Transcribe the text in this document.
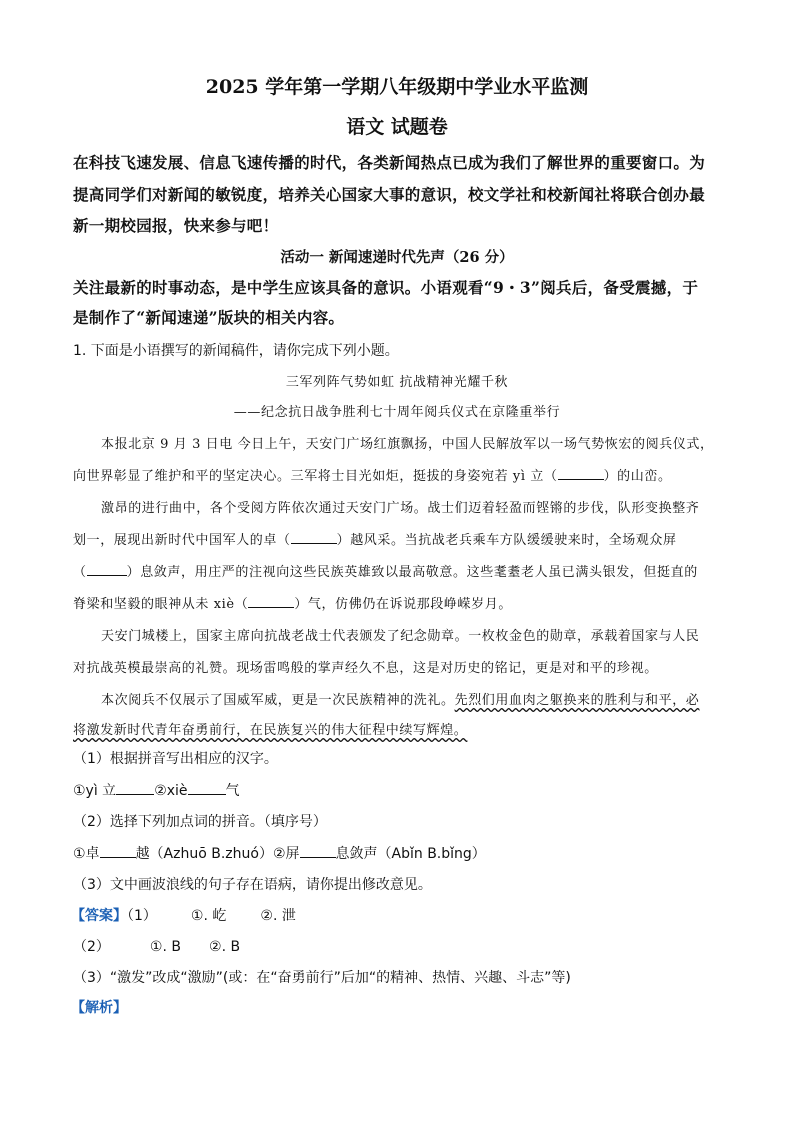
2025 学年第一学期八年级期中学业水平监测
语文 试题卷
在科技飞速发展、信息飞速传播的时代，各类新闻热点已成为我们了解世界的重要窗口。为
提高同学们对新闻的敏锐度，培养关心国家大事的意识，校文学社和校新闻社将联合创办最
新一期校园报，快来参与吧！
活动一 新闻速递时代先声（26 分）
关注最新的时事动态，是中学生应该具备的意识。小语观看“9・3”阅兵后，备受震撼，于
是制作了“新闻速递”版块的相关内容。
1. 下面是小语撰写的新闻稿件，请你完成下列小题。
三军列阵气势如虹 抗战精神光耀千秋
——纪念抗日战争胜利七十周年阅兵仪式在京隆重举行
本报北京 9 月 3 日电 今日上午，天安门广场红旗飘扬，中国人民解放军以一场气势恢宏的阅兵仪式，
向世界彰显了维护和平的坚定决心。三军将士目光如炬，挺拔的身姿宛若 yì 立（	）的山峦。
激昂的进行曲中，各个受阅方阵依次通过天安门广场。战士们迈着轻盈而铿锵的步伐，队形变换整齐
划一，展现出新时代中国军人的卓（	）越风采。当抗战老兵乘车方队缓缓驶来时，全场观众屏
（	）息敛声，用庄严的注视向这些民族英雄致以最高敬意。这些耄耋老人虽已满头银发，但挺直的
脊梁和坚毅的眼神从未 xiè（	）气，仿佛仍在诉说那段峥嵘岁月。
天安门城楼上，国家主席向抗战老战士代表颁发了纪念勋章。一枚枚金色的勋章，承载着国家与人民
对抗战英模最崇高的礼赞。现场雷鸣般的掌声经久不息，这是对历史的铭记，更是对和平的珍视。
本次阅兵不仅展示了国威军威，更是一次民族精神的洗礼。先烈们用血肉之躯换来的胜利与和平，必
将激发新时代青年奋勇前行，在民族复兴的伟大征程中续写辉煌。
（1）根据拼音写出相应的汉字。
①yì 立	②xiè	气
（2）选择下列加点词的拼音。（填序号）
①卓	越（Azhuō B.zhuó）②屏	息敛声（Abǐn B.bǐng）
（3）文中画波浪线的句子存在语病，请你提出修改意见。
【答案】（1） ①. 屹 ②. 泄
（2）	①. B ②. B
（3）“激发”改成“激励”(或：在“奋勇前行”后加“的精神、热情、兴趣、斗志”等)
【解析】
